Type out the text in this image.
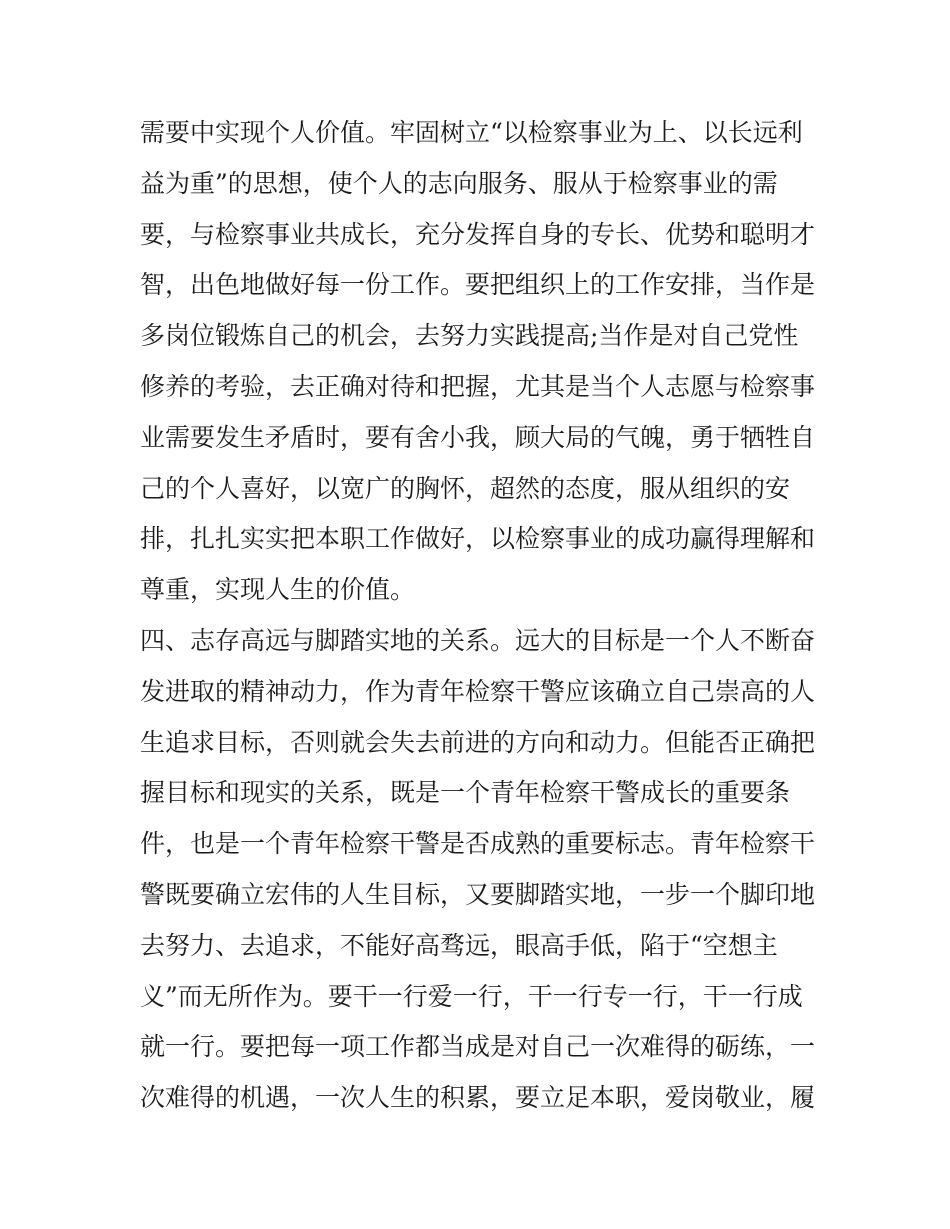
需要中实现个人价值。牢固树立“以检察事业为上、以长远利
益为重”的思想，使个人的志向服务、服从于检察事业的需
要，与检察事业共成长，充分发挥自身的专长、优势和聪明才
智，出色地做好每一份工作。要把组织上的工作安排，当作是
多岗位锻炼自己的机会，去努力实践提高;当作是对自己党性
修养的考验，去正确对待和把握，尤其是当个人志愿与检察事
业需要发生矛盾时，要有舍小我，顾大局的气魄，勇于牺牲自
己的个人喜好，以宽广的胸怀，超然的态度，服从组织的安
排，扎扎实实把本职工作做好，以检察事业的成功赢得理解和
尊重，实现人生的价值。
四、志存高远与脚踏实地的关系。远大的目标是一个人不断奋
发进取的精神动力，作为青年检察干警应该确立自己崇高的人
生追求目标，否则就会失去前进的方向和动力。但能否正确把
握目标和现实的关系，既是一个青年检察干警成长的重要条
件，也是一个青年检察干警是否成熟的重要标志。青年检察干
警既要确立宏伟的人生目标，又要脚踏实地，一步一个脚印地
去努力、去追求，不能好高骛远，眼高手低，陷于“空想主
义”而无所作为。要干一行爱一行，干一行专一行，干一行成
就一行。要把每一项工作都当成是对自己一次难得的砺练，一
次难得的机遇，一次人生的积累，要立足本职，爱岗敬业，履
